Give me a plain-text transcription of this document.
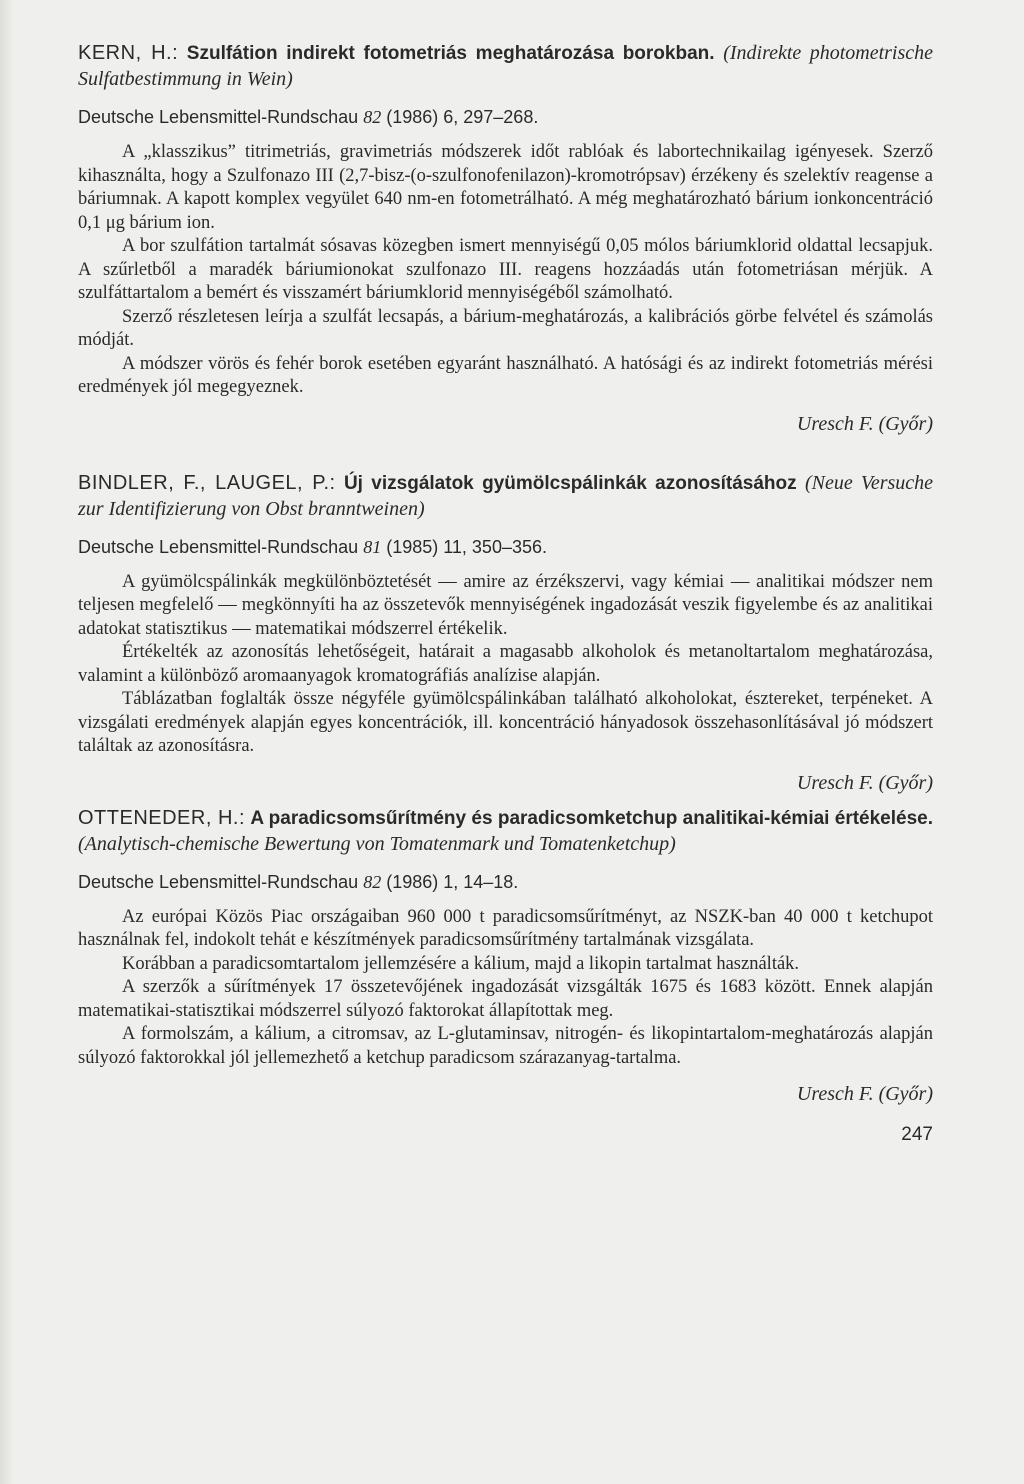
KERN, H.: Szulfátion indirekt fotometriás meghatározása borokban. (Indirekte photometrische Sulfatbestimmung in Wein)

Deutsche Lebensmittel-Rundschau 82 (1986) 6, 297–268.

A „klasszikus” titrimetriás, gravimetriás módszerek időt rablóak és labortechnikailag igényesek. Szerző kihasználta, hogy a Szulfonazo III (2,7-bisz-(o-szulfonofenilazon)-kromotrópsav) érzékeny és szelektív reagense a báriumnak. A kapott komplex vegyület 640 nm-en fotometrálható. A még meghatározható bárium ionkoncentráció 0,1 μg bárium ion.

A bor szulfátion tartalmát sósavas közegben ismert mennyiségű 0,05 mólos báriumklorid oldattal lecsapjuk. A szűrletből a maradék báriumionokat szulfonazo III. reagens hozzáadás után fotometriásan mérjük. A szulfáttartalom a bemért és visszamért báriumklorid mennyiségéből számolható.

Szerző részletesen leírja a szulfát lecsapás, a bárium-meghatározás, a kalibrációs görbe felvétel és számolás módját.

A módszer vörös és fehér borok esetében egyaránt használható. A hatósági és az indirekt fotometriás mérési eredmények jól megegyeznek.

Uresch F. (Győr)

BINDLER, F., LAUGEL, P.: Új vizsgálatok gyümölcspálinkák azonosításához (Neue Versuche zur Identifizierung von Obst branntweinen)

Deutsche Lebensmittel-Rundschau 81 (1985) 11, 350–356.

A gyümölcspálinkák megkülönböztetését — amire az érzékszervi, vagy kémiai — analitikai módszer nem teljesen megfelelő — megkönnyíti ha az összetevők mennyiségének ingadozását veszik figyelembe és az analitikai adatokat statisztikus — matematikai módszerrel értékelik.

Értékelték az azonosítás lehetőségeit, határait a magasabb alkoholok és metanoltartalom meghatározása, valamint a különböző aromaanyagok kromatográfiás analízise alapján.

Táblázatban foglalták össze négyféle gyümölcspálinkában található alkoholokat, észtereket, terpéneket. A vizsgálati eredmények alapján egyes koncentrációk, ill. koncentráció hányadosok összehasonlításával jó módszert találtak az azonosításra.

Uresch F. (Győr)

OTTENEDER, H.: A paradicsomsűrítmény és paradicsomketchup analitikai-kémiai értékelése. (Analytisch-chemische Bewertung von Tomatenmark und Tomatenketchup)

Deutsche Lebensmittel-Rundschau 82 (1986) 1, 14–18.

Az európai Közös Piac országaiban 960 000 t paradicsomsűrítményt, az NSZK-ban 40 000 t ketchupot használnak fel, indokolt tehát e készítmények paradicsomsűrítmény tartalmának vizsgálata.

Korábban a paradicsomtartalom jellemzésére a kálium, majd a likopin tartalmat használták.

A szerzők a sűrítmények 17 összetevőjének ingadozását vizsgálták 1675 és 1683 között. Ennek alapján matematikai-statisztikai módszerrel súlyozó faktorokat állapítottak meg.

A formolszám, a kálium, a citromsav, az L-glutaminsav, nitrogén- és likopintartalom-meghatározás alapján súlyozó faktorokkal jól jellemezhető a ketchup paradicsom szárazanyag-tartalma.

Uresch F. (Győr)

247
